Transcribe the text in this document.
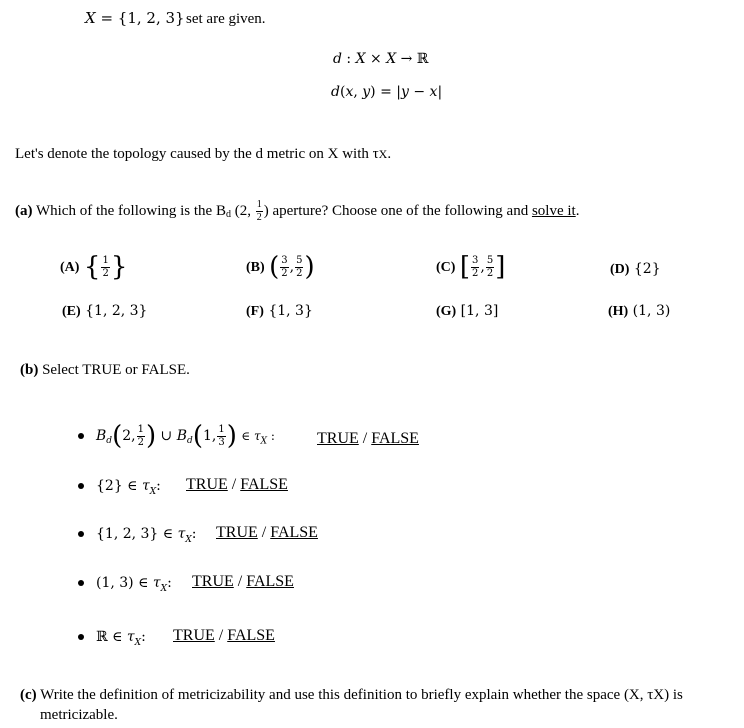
X = {1, 2, 3} set are given.
d : X × X → ℝ
d(x, y) = |y − x|
Let's denote the topology caused by the d metric on X with τX.
(a) Which of the following is the Bd (2, $\frac{1}{2}$ ) aperture? Choose one of the following and solve it.
(A) { $\frac{1}{2}$ }	(B) ( $\frac{3}{2}$ , $\frac{5}{2}$ )	(C) [ $\frac{3}{2}$ , $\frac{5}{2}$ ]	(D) {2}
(E) {1, 2, 3}	(F) {1, 3}	(G) [1, 3]	(H) (1, 3)
(b) Select TRUE or FALSE.
$B_d(2$, $\frac{1}{2}$ ) ∪ $B_d(1$, $\frac{1}{3}$ ) ∈ $\tau_X$ :	TRUE / FALSE
{2} ∈ $\tau_X$: TRUE / FALSE
{1, 2, 3} ∈ $\tau_X$: TRUE / FALSE
(1, 3) ∈ $\tau_X$: TRUE / FALSE
ℝ ∈ $\tau_X$: TRUE / FALSE
(c) Write the definition of metricizability and use this definition to briefly explain whether the space (X, τX) is
metricizable.
